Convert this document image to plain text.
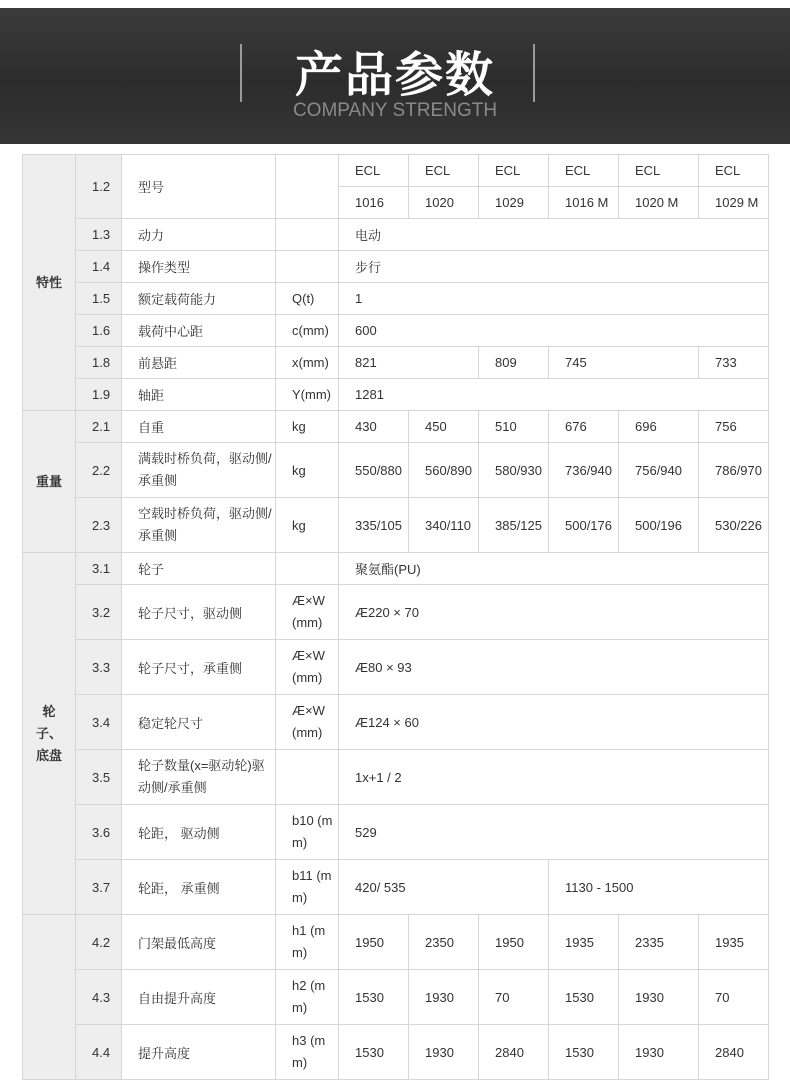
产品参数
COMPANY STRENGTH
特性	1.2	型号		ECL	ECL	ECL	ECL	ECL	ECL
				1016	1020	1029	1016 M	1020 M	1029 M
	1.3	动力		电动					
	1.4	操作类型		步行					
	1.5	额定载荷能力	Q(t)	1					
	1.6	载荷中心距	c(mm)	600					
	1.8	前悬距	x(mm)	821		809	745		733
	1.9	轴距	Y(mm)	1281					
重量	2.1	自重	kg	430	450	510	676	696	756
	2.2	满载时桥负荷，驱动侧/承重侧	kg	550/880	560/890	580/930	736/940	756/940	786/970
	2.3	空载时桥负荷，驱动侧/承重侧	kg	335/105	340/110	385/125	500/176	500/196	530/226

轮
子、
底盘	3.1	轮子		聚氨酯(PU)					
	3.2	轮子尺寸，驱动侧	Æ×W (mm)	Æ220 × 70					
	3.3	轮子尺寸，承重侧	Æ×W (mm)	Æ80 × 93					
	3.4	稳定轮尺寸	Æ×W (mm)	Æ124 × 60					
	3.5	轮子数量(x=驱动轮)驱动侧/承重侧		1x+1 / 2					
	3.6	轮距， 驱动侧	b10 (mm)	529					
	3.7	轮距， 承重侧	b11 (mm)	420/ 535			1130 - 1500		
	4.2	门架最低高度	h1 (mm)	1950	2350	1950	1935	2335	1935
	4.3	自由提升高度	h2 (mm)	1530	1930	70	1530	1930	70
	4.4	提升高度	h3 (mm)	1530	1930	2840	1530	1930	2840
